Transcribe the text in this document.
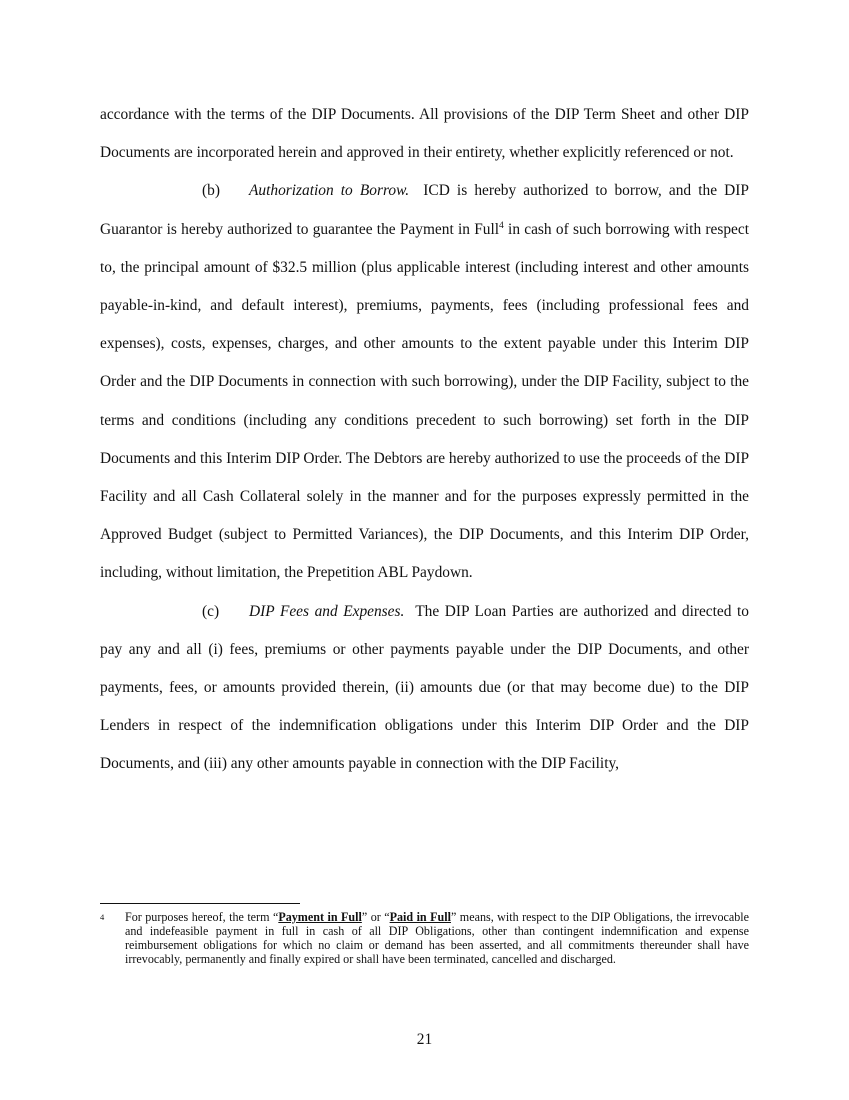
accordance with the terms of the DIP Documents. All provisions of the DIP Term Sheet and other DIP Documents are incorporated herein and approved in their entirety, whether explicitly referenced or not.

(b) Authorization to Borrow. ICD is hereby authorized to borrow, and the DIP Guarantor is hereby authorized to guarantee the Payment in Full$^4$ in cash of such borrowing with respect to, the principal amount of $32.5 million (plus applicable interest (including interest and other amounts payable-in-kind, and default interest), premiums, payments, fees (including professional fees and expenses), costs, expenses, charges, and other amounts to the extent payable under this Interim DIP Order and the DIP Documents in connection with such borrowing), under the DIP Facility, subject to the terms and conditions (including any conditions precedent to such borrowing) set forth in the DIP Documents and this Interim DIP Order. The Debtors are hereby authorized to use the proceeds of the DIP Facility and all Cash Collateral solely in the manner and for the purposes expressly permitted in the Approved Budget (subject to Permitted Variances), the DIP Documents, and this Interim DIP Order, including, without limitation, the Prepetition ABL Paydown.

(c) DIP Fees and Expenses. The DIP Loan Parties are authorized and directed to pay any and all (i) fees, premiums or other payments payable under the DIP Documents, and other payments, fees, or amounts provided therein, (ii) amounts due (or that may become due) to the DIP Lenders in respect of the indemnification obligations under this Interim DIP Order and the DIP Documents, and (iii) any other amounts payable in connection with the DIP Facility,

4	For purposes hereof, the term “Payment in Full” or “Paid in Full” means, with respect to the DIP Obligations, the irrevocable and indefeasible payment in full in cash of all DIP Obligations, other than contingent indemnification and expense reimbursement obligations for which no claim or demand has been asserted, and all commitments thereunder shall have irrevocably, permanently and finally expired or shall have been terminated, cancelled and discharged.

21
